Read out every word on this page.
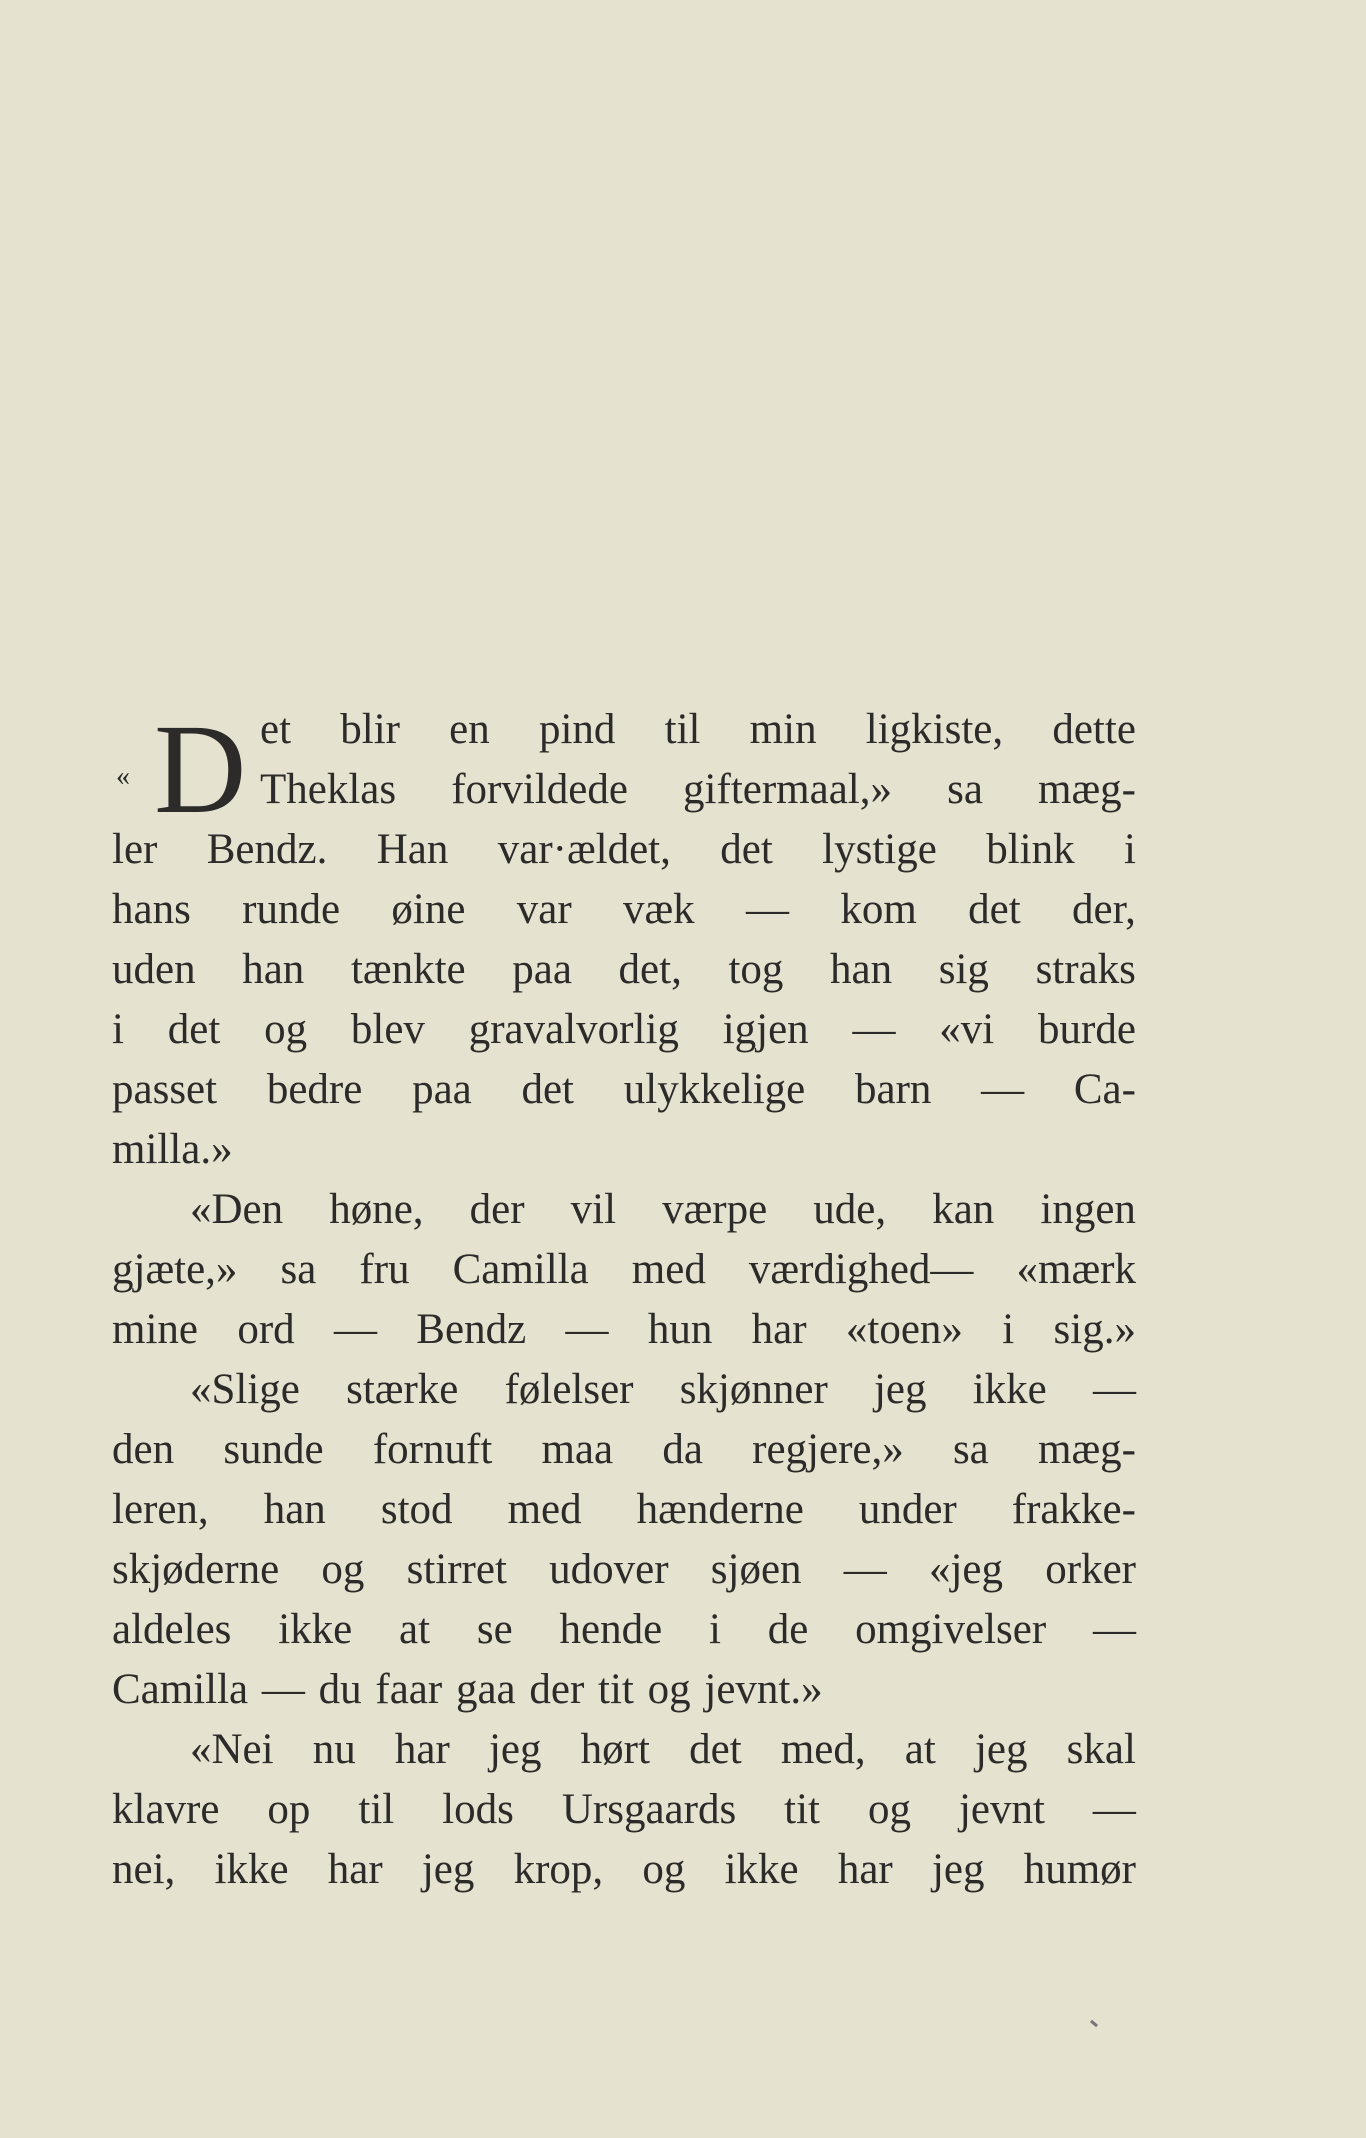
« D et blir en pind til min ligkiste, dette
Theklas forvildede giftermaal,» sa mæg-
ler Bendz. Han var·ældet, det lystige blink i
hans runde øine var væk — kom det der,
uden han tænkte paa det, tog han sig straks
i det og blev gravalvorlig igjen — «vi burde
passet bedre paa det ulykkelige barn — Ca-
milla.»
«Den høne, der vil værpe ude, kan ingen
gjæte,» sa fru Camilla med værdighed— «mærk
mine ord — Bendz — hun har «toen» i sig.»
«Slige stærke følelser skjønner jeg ikke —
den sunde fornuft maa da regjere,» sa mæg-
leren, han stod med hænderne under frakke-
skjøderne og stirret udover sjøen — «jeg orker
aldeles ikke at se hende i de omgivelser —
Camilla — du faar gaa der tit og jevnt.»
«Nei nu har jeg hørt det med, at jeg skal
klavre op til lods Ursgaards tit og jevnt —
nei, ikke har jeg krop, og ikke har jeg humør
